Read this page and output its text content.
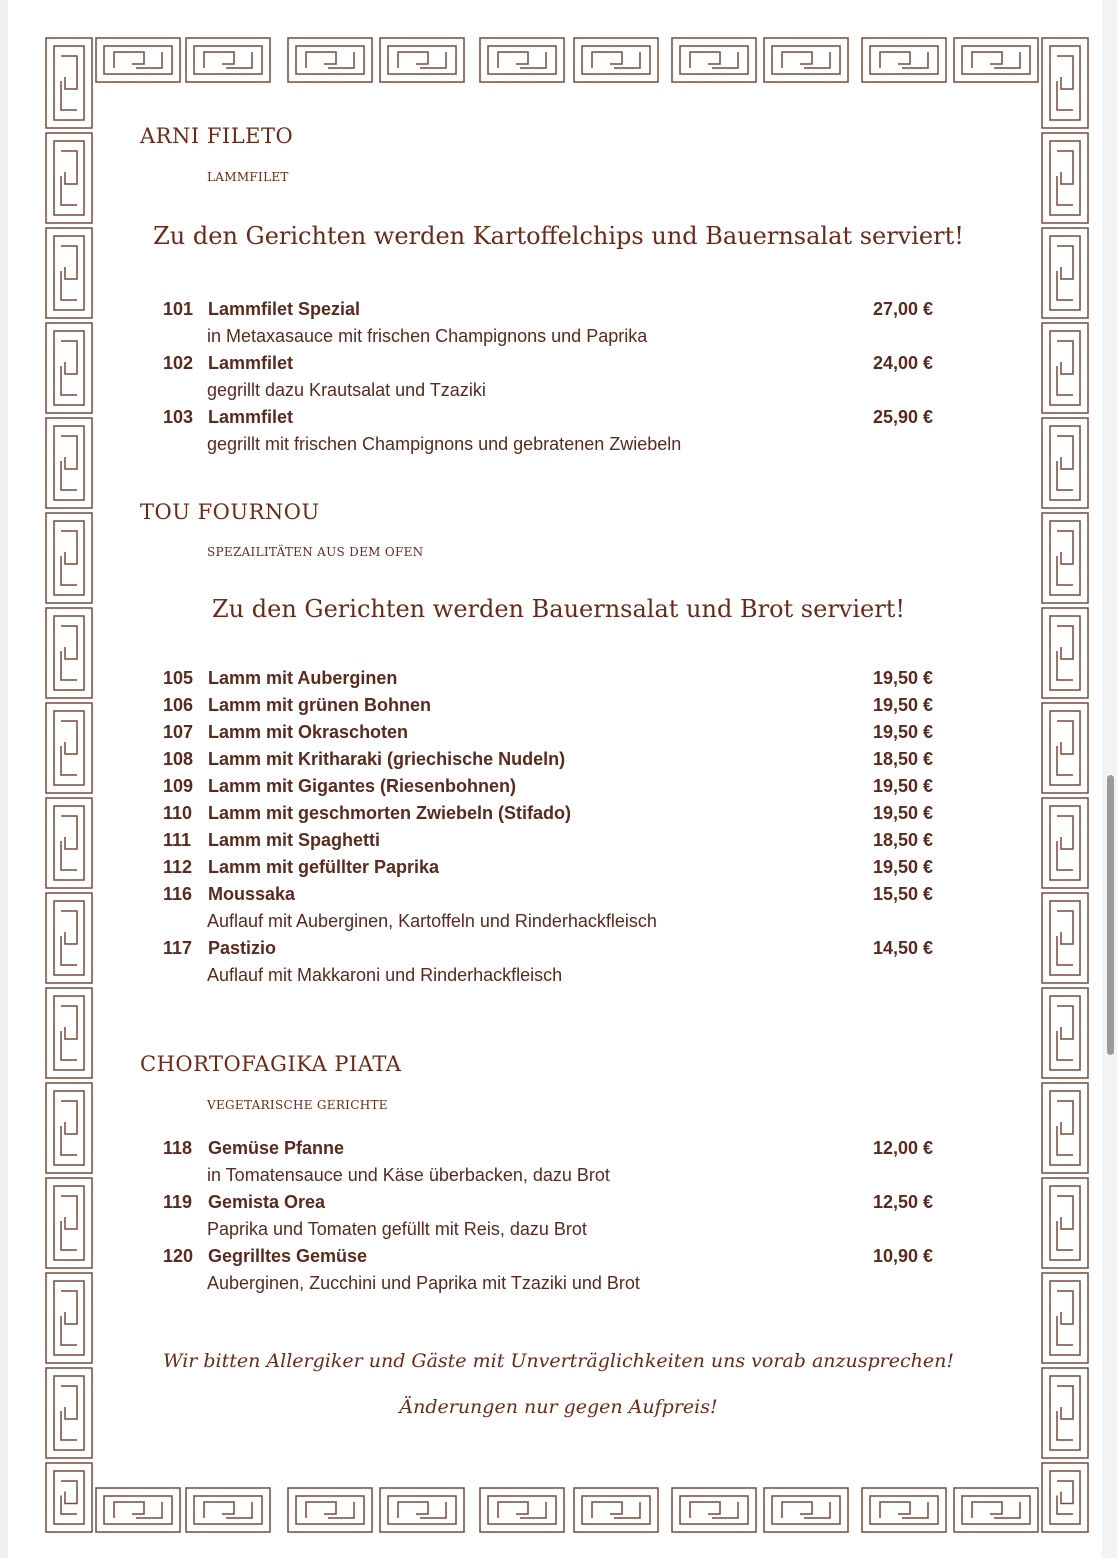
ARNI FILETO
LAMMFILET
Zu den Gerichten werden Kartoffelchips und Bauernsalat serviert!
101 Lammfilet Spezial	27,00 €
in Metaxasauce mit frischen Champignons und Paprika
102 Lammfilet	24,00 €
gegrillt dazu Krautsalat und Tzaziki
103 Lammfilet	25,90 €
gegrillt mit frischen Champignons und gebratenen Zwiebeln
TOU FOURNOU
SPEZAILITÄTEN AUS DEM OFEN
Zu den Gerichten werden Bauernsalat und Brot serviert!
105 Lamm mit Auberginen	19,50 €
106 Lamm mit grünen Bohnen	19,50 €
107 Lamm mit Okraschoten	19,50 €
108 Lamm mit Kritharaki (griechische Nudeln)	18,50 €
109 Lamm mit Gigantes (Riesenbohnen)	19,50 €
110 Lamm mit geschmorten Zwiebeln (Stifado)	19,50 €
111 Lamm mit Spaghetti	18,50 €
112 Lamm mit gefüllter Paprika	19,50 €
116 Moussaka	15,50 €
Auflauf mit Auberginen, Kartoffeln und Rinderhackfleisch
117 Pastizio	14,50 €
Auflauf mit Makkaroni und Rinderhackfleisch
CHORTOFAGIKA PIATA
VEGETARISCHE GERICHTE
118 Gemüse Pfanne	12,00 €
in Tomatensauce und Käse überbacken, dazu Brot
119 Gemista Orea	12,50 €
Paprika und Tomaten gefüllt mit Reis, dazu Brot
120 Gegrilltes Gemüse	10,90 €
Auberginen, Zucchini und Paprika mit Tzaziki und Brot
Wir bitten Allergiker und Gäste mit Unverträglichkeiten uns vorab anzusprechen!
Änderungen nur gegen Aufpreis!
